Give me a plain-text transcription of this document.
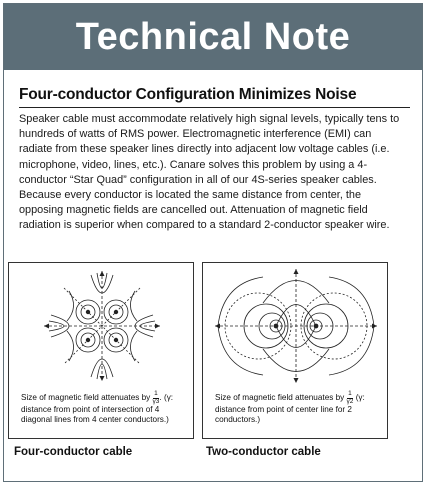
Technical Note
Four-conductor Configuration Minimizes Noise

Speaker cable must accommodate relatively high signal levels, typically tens to hundreds of watts of RMS power. Electromagnetic interference (EMI) can radiate from these speaker lines directly into adjacent low voltage cables (i.e. microphone, video, lines, etc.). Canare solves this problem by using a 4-conductor “Star Quad” configuration in all of our 4S-series speaker cables. Because every conductor is located the same distance from center, the opposing magnetic fields are cancelled out. Attenuation of magnetic field radiation is superior when compared to a standard 2-conductor speaker wire.

Size of magnetic field attenuates by $\frac{1}{\gamma 3}$ . (γ: distance from point of intersection of 4 diagonal lines from 4 center conductors.)
Size of magnetic field attenuates by $\frac{1}{\gamma 2} (\gamma$: distance from point of center line for 2 conductors.)
Four-conductor cable	Two-conductor cable
